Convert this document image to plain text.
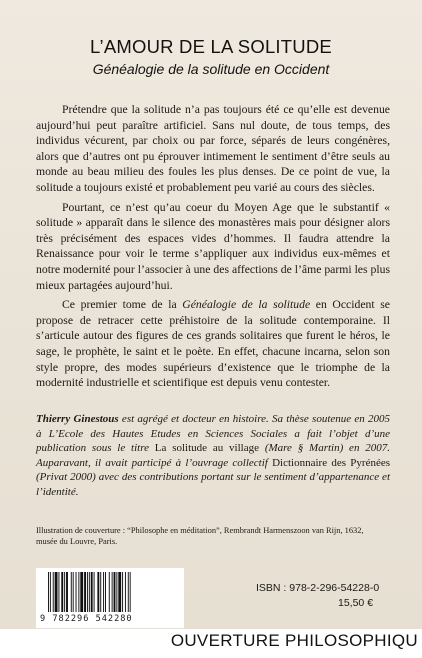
L’AMOUR DE LA SOLITUDE
Généalogie de la solitude en Occident

Prétendre que la solitude n’a pas toujours été ce qu’elle est devenue aujourd’hui peut paraître artificiel. Sans nul doute, de tous temps, des individus vécurent, par choix ou par force, séparés de leurs congénères, alors que d’autres ont pu éprouver intimement le sentiment d’être seuls au monde au beau milieu des foules les plus denses. De ce point de vue, la solitude a toujours existé et probablement peu varié au cours des siècles.

Pourtant, ce n’est qu’au coeur du Moyen Age que le substantif « solitude » apparaît dans le silence des monastères mais pour désigner alors très précisément des espaces vides d’hommes. Il faudra attendre la Renaissance pour voir le terme s’appliquer aux individus eux-mêmes et notre modernité pour l’associer à une des affections de l’âme parmi les plus mieux partagées aujourd’hui.

Ce premier tome de la Généalogie de la solitude en Occident se propose de retracer cette préhistoire de la solitude contemporaine. Il s’articule autour des figures de ces grands solitaires que furent le héros, le sage, le prophète, le saint et le poète. En effet, chacune incarna, selon son style propre, des modes supérieurs d’existence que le triomphe de la modernité industrielle et scientifique est depuis venu contester.

Thierry Ginestous est agrégé et docteur en histoire. Sa thèse soutenue en 2005 à L’Ecole des Hautes Etudes en Sciences Sociales a fait l’objet d’une publication sous le titre La solitude au village (Mare § Martin) en 2007. Auparavant, il avait participé à l’ouvrage collectif Dictionnaire des Pyrénées (Privat 2000) avec des contributions portant sur le sentiment d’appartenance et l’identité.
Illustration de couverture : “Philosophe en méditation”, Rembrandt Harmenszoon van Rijn, 1632, musée du Louvre, Paris.
9 782296 542280
ISBN : 978-2-296-54228-0
15,50 €
OUVERTURE PHILOSOPHIQU
